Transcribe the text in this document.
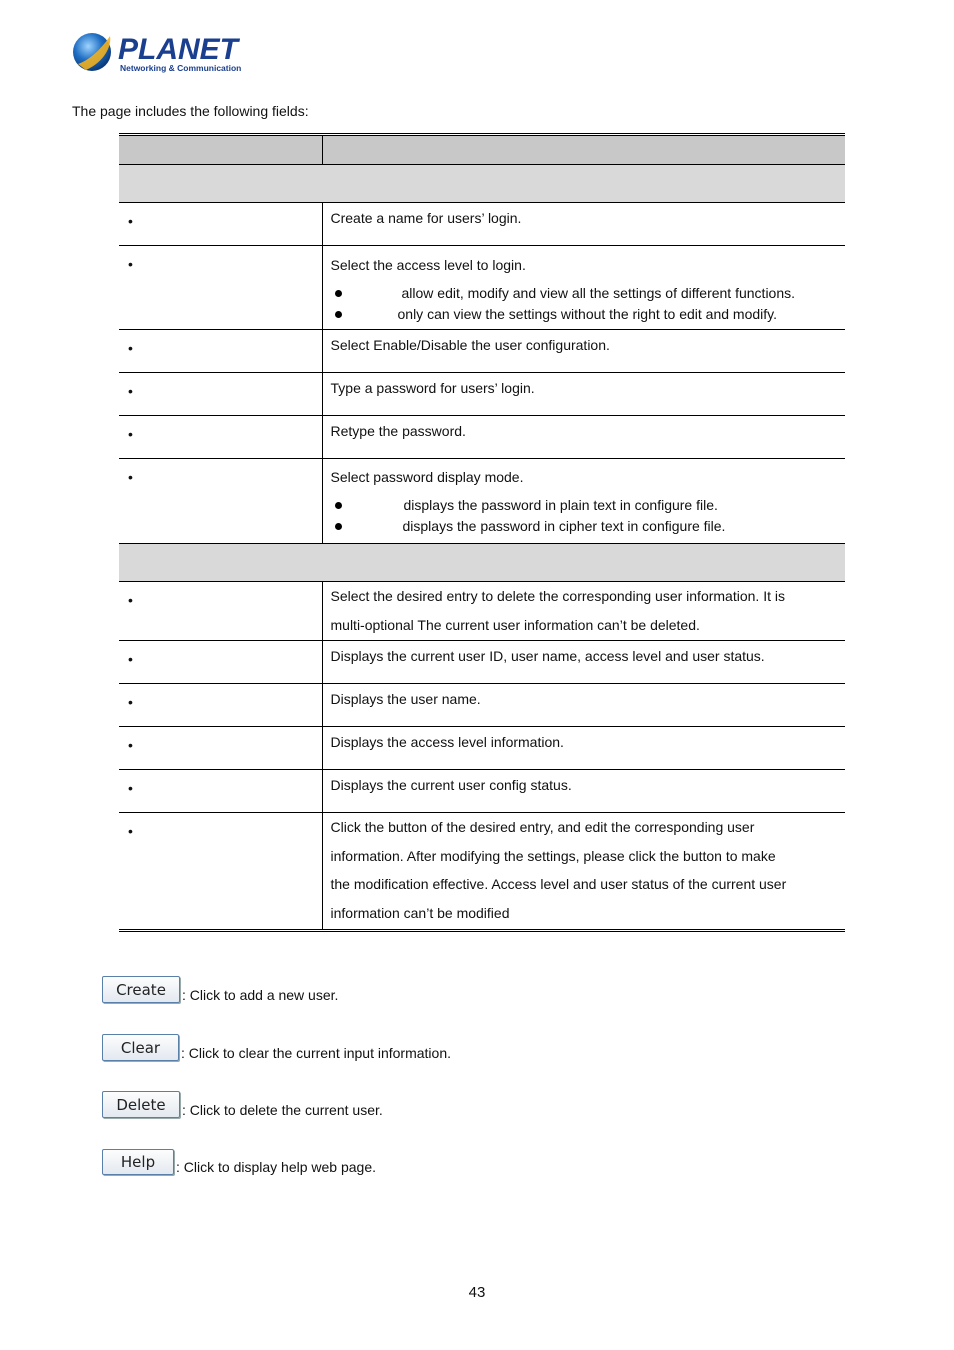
PLANET
Networking & Communication
The page includes the following fields:

•	Create a name for users’ login.

•	Select the access level to login.
allow edit, modify and view all the settings of different functions.
only can view the settings without the right to edit and modify.

•	Select Enable/Disable the user configuration.

•	Type a password for users’ login.

•	Retype the password.

•	Select password display mode.
displays the password in plain text in configure file.
displays the password in cipher text in configure file.

•	Select the desired entry to delete the corresponding user information. It is
multi-optional The current user information can’t be deleted.

•	Displays the current user ID, user name, access level and user status.

•	Displays the user name.

•	Displays the access level information.

•	Displays the current user config status.

•	Click the button of the desired entry, and edit the corresponding user
information. After modifying the settings, please click the button to make
the modification effective. Access level and user status of the current user
information can’t be modified
Create	: Click to add a new user.
Clear	: Click to clear the current input information.
Delete	: Click to delete the current user.
Help	: Click to display help web page.
43
